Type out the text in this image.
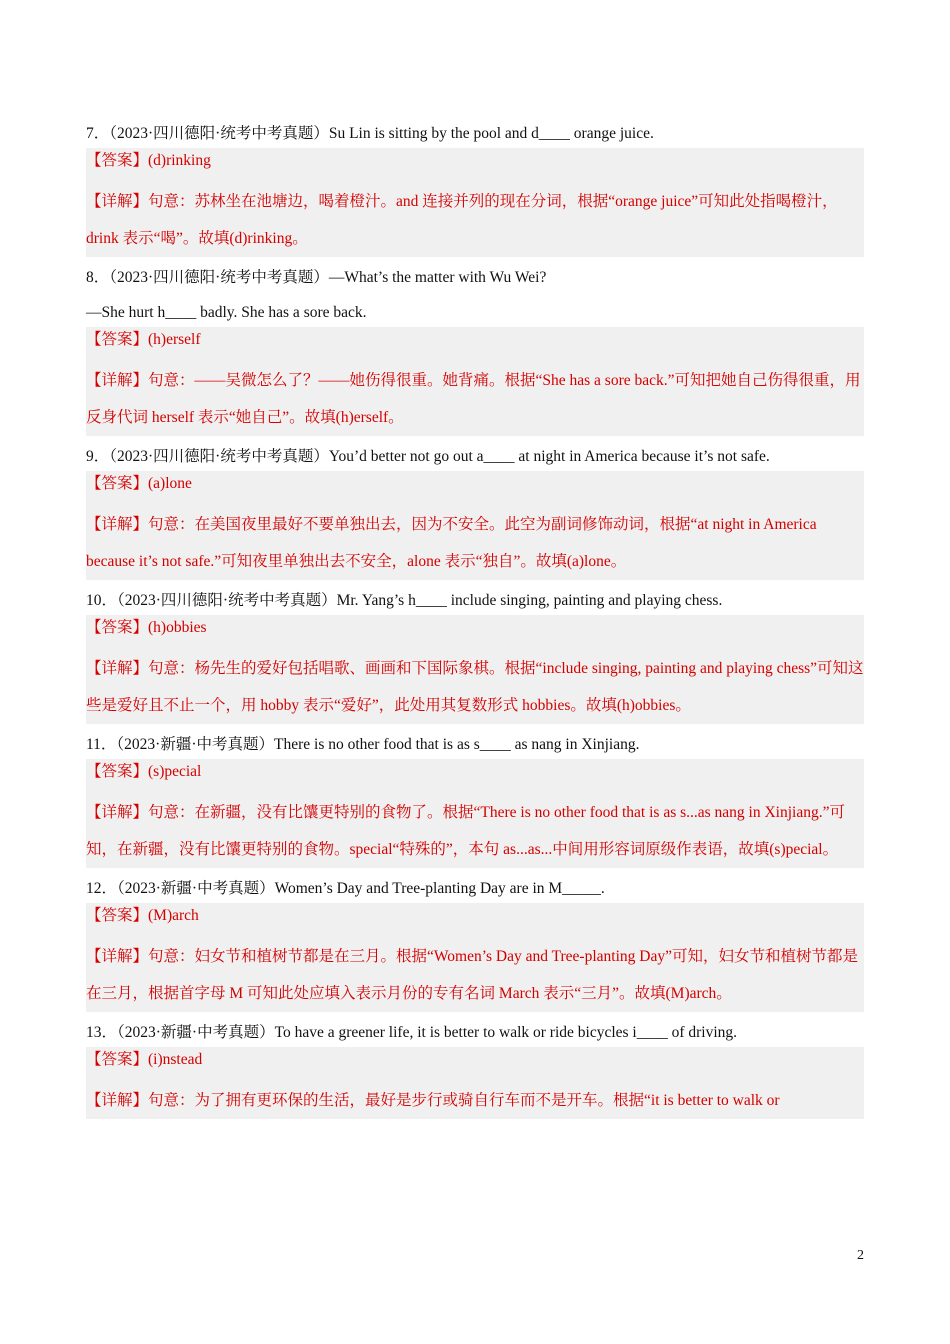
7．（2023·四川德阳·统考中考真题）Su Lin is sitting by the pool and d____ orange juice.
【答案】(d)rinking
【详解】句意：苏林坐在池塘边，喝着橙汁。and 连接并列的现在分词，根据“orange juice”可知此处指喝橙汁，drink 表示“喝”。故填(d)rinking。
8．（2023·四川德阳·统考中考真题）—What’s the matter with Wu Wei?
—She hurt h____ badly. She has a sore back.
【答案】(h)erself
【详解】句意：——吴微怎么了？——她伤得很重。她背痛。根据“She has a sore back.”可知把她自己伤得很重，用反身代词 herself 表示“她自己”。故填(h)erself。
9．（2023·四川德阳·统考中考真题）You’d better not go out a____ at night in America because it’s not safe.
【答案】(a)lone
【详解】句意：在美国夜里最好不要单独出去，因为不安全。此空为副词修饰动词，根据“at night in America because it’s not safe.”可知夜里单独出去不安全，alone 表示“独自”。故填(a)lone。
10．（2023·四川德阳·统考中考真题）Mr. Yang’s h____ include singing, painting and playing chess.
【答案】(h)obbies
【详解】句意：杨先生的爱好包括唱歌、画画和下国际象棋。根据“include singing, painting and playing chess”可知这些是爱好且不止一个，用 hobby 表示“爱好”，此处用其复数形式 hobbies。故填(h)obbies。
11．（2023·新疆·中考真题）There is no other food that is as s____ as nang in Xinjiang.
【答案】(s)pecial
【详解】句意：在新疆，没有比馕更特别的食物了。根据“There is no other food that is as s...as nang in Xinjiang.”可知，在新疆，没有比馕更特别的食物。special“特殊的”，本句 as...as...中间用形容词原级作表语，故填(s)pecial。
12．（2023·新疆·中考真题）Women’s Day and Tree-planting Day are in M_____.
【答案】(M)arch
【详解】句意：妇女节和植树节都是在三月。根据“Women’s Day and Tree-planting Day”可知，妇女节和植树节都是在三月，根据首字母 M 可知此处应填入表示月份的专有名词 March 表示“三月”。故填(M)arch。
13．（2023·新疆·中考真题）To have a greener life, it is better to walk or ride bicycles i____ of driving.
【答案】(i)nstead
【详解】句意：为了拥有更环保的生活，最好是步行或骑自行车而不是开车。根据“it is better to walk or
2
